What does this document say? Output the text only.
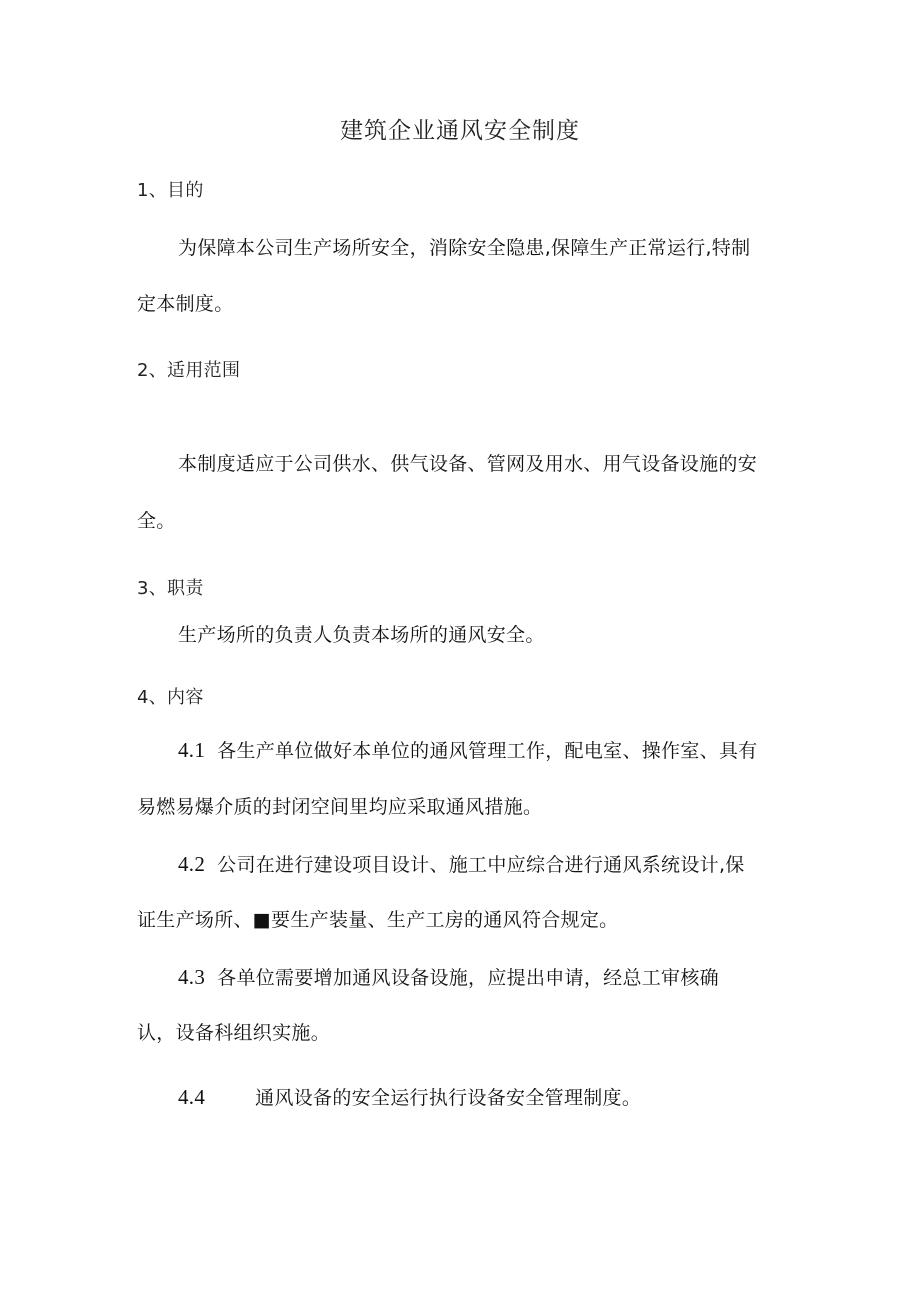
建筑企业通风安全制度
1、目的
为保障本公司生产场所安全，消除安全隐患,保障生产正常运行,特制
定本制度。
2、适用范围
本制度适应于公司供水、供气设备、管网及用水、用气设备设施的安
全。
3、职责
生产场所的负责人负责本场所的通风安全。
4、内容
4.1 各生产单位做好本单位的通风管理工作，配电室、操作室、具有
易燃易爆介质的封闭空间里均应采取通风措施。
4.2 公司在进行建设项目设计、施工中应综合进行通风系统设计,保
证生产场所、■要生产装量、生产工房的通风符合规定。
4.3 各单位需要增加通风设备设施，应提出申请，经总工审核确
认，设备科组织实施。
4.4	通风设备的安全运行执行设备安全管理制度。
